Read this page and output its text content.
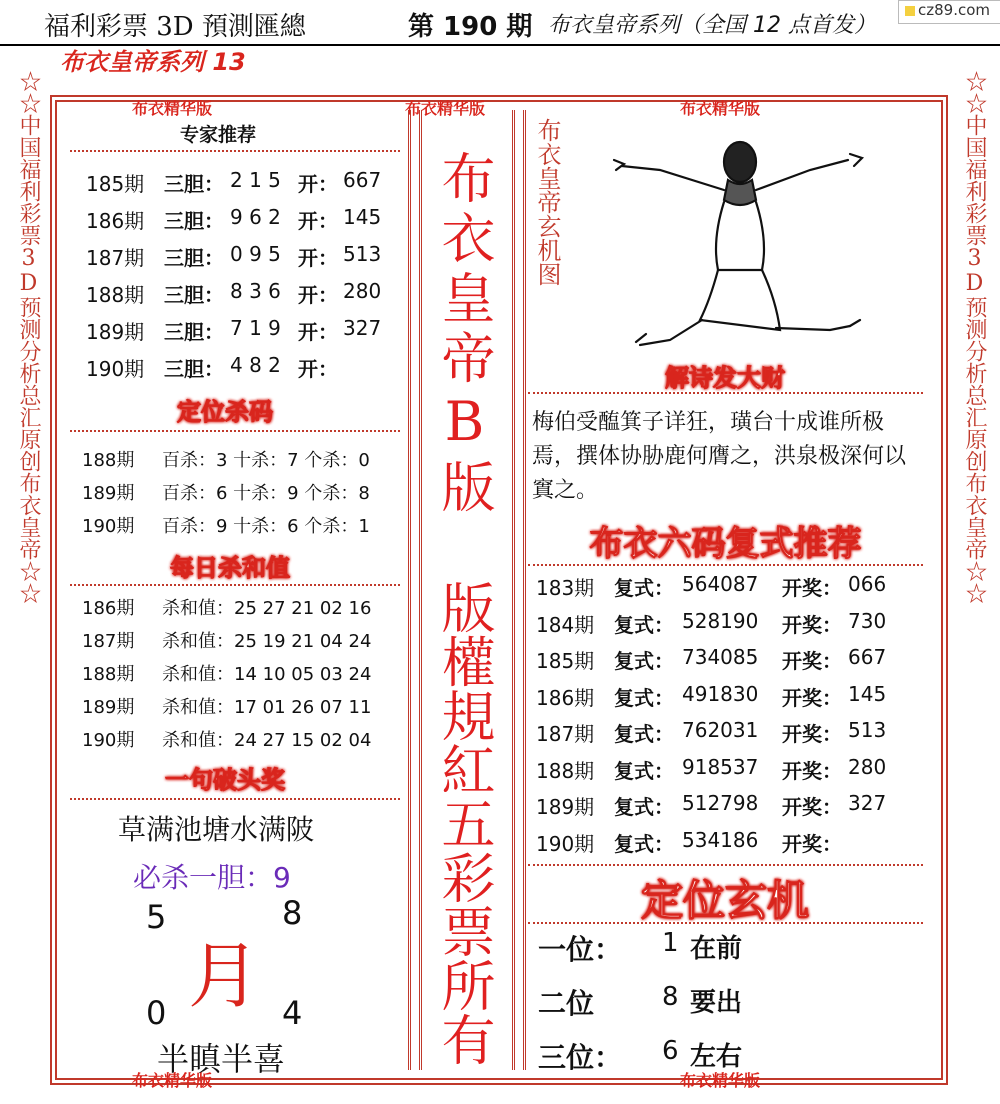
福利彩票 3D 預測匯總	第 190 期 布衣皇帝系列（全国 12 点首发）
cz89.com
布衣皇帝系列 13
☆☆中国福利彩票3D预测分析总汇原创布衣皇帝☆☆	☆☆中国福利彩票3D预测分析总汇原创布衣皇帝☆☆
布衣精华版	布衣精华版	布衣精华版
布衣精华版	布衣精华版
专家推荐
185期 三胆： 2 1 5 开： 667
186期 三胆： 9 6 2 开： 145
187期 三胆： 0 9 5 开： 513
188期 三胆： 8 3 6 开： 280
189期 三胆： 7 1 9 开： 327
190期 三胆： 4 8 2 开：
定位杀码
188期 百杀：3 十杀：7 个杀：0
189期 百杀：6 十杀：9 个杀：8
190期 百杀：9 十杀：6 个杀：1
每日杀和值
186期 杀和值：25 27 21 02 16
187期 杀和值：25 19 21 04 24
188期 杀和值：14 10 05 03 24
189期 杀和值：17 01 26 07 11
190期 杀和值：24 27 15 02 04
一句破头奖
草满池塘水满陂
必杀一胆：9
5	8
月
0	4
半瞋半喜
布衣皇帝B版
版權規紅五彩票所有
布衣皇帝玄机图
解诗发大财
梅伯受醢箕子详狂，璜台十成谁所极焉，撰体协胁鹿何膺之，洪泉极深何以窴之。
布衣六码复式推荐
183期 复式： 564087 开奖： 066
184期 复式： 528190 开奖： 730
185期 复式： 734085 开奖： 667
186期 复式： 491830 开奖： 145
187期 复式： 762031 开奖： 513
188期 复式： 918537 开奖： 280
189期 复式： 512798 开奖： 327
190期 复式： 534186 开奖：
定位玄机
一位： 1 在前
二位	8 要出
三位： 6 左右
